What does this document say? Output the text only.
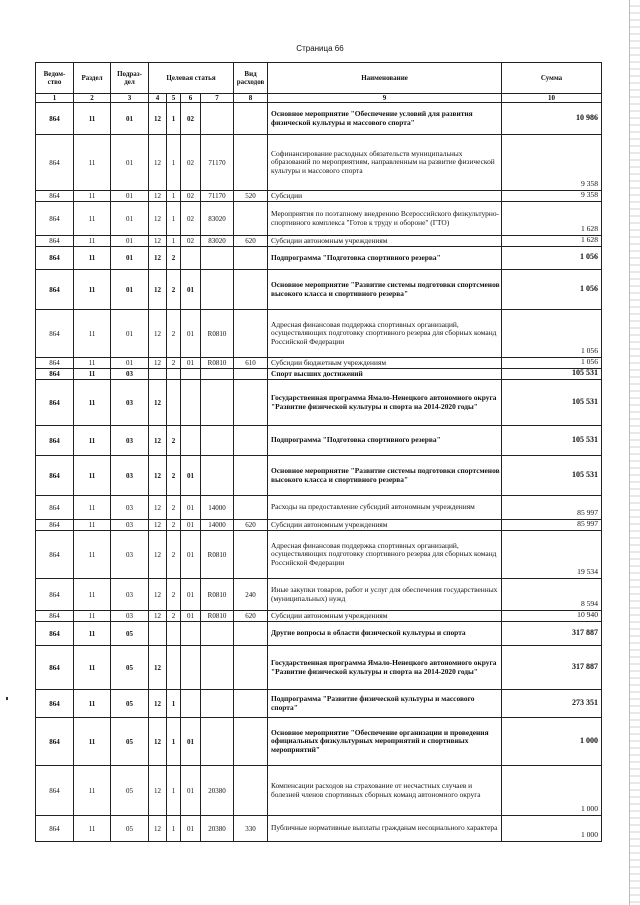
Страница 66
Ведом-ство	Раздел	Подраз-дел	Целевая статья				Вид расходов	Наименование	Сумма
1	2	3	4	5	6	7	8	9	10
864	11	01	12	1	02			Основное мероприятие "Обеспечение условий для развития физической культуры и массового спорта"	10 986
864	11	01	12	1	02	71170		Софинансирование расходных обязательств муниципальных образований по мероприятиям, направленным на развитие физической культуры и массового спорта	9 358
864	11	01	12	1	02	71170	520	Субсидии	9 358
864	11	01	12	1	02	83020		Мероприятия по поэтапному внедрению Всероссийского физкультурно-спортивного комплекса "Готов к труду и обороне" (ГТО)	1 628
864	11	01	12	1	02	83020	620	Субсидии автономным учреждениям	1 628
864	11	01	12	2				Подпрограмма "Подготовка спортивного резерва"	1 056
864	11	01	12	2	01			Основное мероприятие "Развитие системы подготовки спортсменов высокого класса и спортивного резерва"	1 056
864	11	01	12	2	01	R0810		Адресная финансовая поддержка спортивных организаций, осуществляющих подготовку спортивного резерва для сборных команд Российской Федерации	1 056
864	11	01	12	2	01	R0810	610	Субсидии бюджетным учреждениям	1 056
864	11	03						Спорт высших достижений	105 531
864	11	03	12					Государственная программа Ямало-Ненецкого автономного округа "Развитие физической культуры и спорта на 2014-2020 годы"	105 531
864	11	03	12	2				Подпрограмма "Подготовка спортивного резерва"	105 531
864	11	03	12	2	01			Основное мероприятие "Развитие системы подготовки спортсменов высокого класса и спортивного резерва"	105 531
864	11	03	12	2	01	14000		Расходы на предоставление субсидий автономным учреждениям	85 997
864	11	03	12	2	01	14000	620	Субсидии автономным учреждениям	85 997
864	11	03	12	2	01	R0810		Адресная финансовая поддержка спортивных организаций, осуществляющих подготовку спортивного резерва для сборных команд Российской Федерации	19 534
864	11	03	12	2	01	R0810	240	Иные закупки товаров, работ и услуг для обеспечения государственных (муниципальных) нужд	8 594
864	11	03	12	2	01	R0810	620	Субсидии автономным учреждениям	10 940
864	11	05						Другие вопросы в области физической культуры и спорта	317 887
864	11	05	12					Государственная программа Ямало-Ненецкого автономного округа "Развитие физической культуры и спорта на 2014-2020 годы"	317 887
864	11	05	12	1				Подпрограмма "Развитие физической культуры и массового спорта"	273 351
864	11	05	12	1	01			Основное мероприятие "Обеспечение организации и проведения официальных физкультурных мероприятий и спортивных мероприятий"	1 000
864	11	05	12	1	01	20380		Компенсации расходов на страхование от несчастных случаев и болезней членов спортивных сборных команд автономного округа	1 000
864	11	05	12	1	01	20380	330	Публичные нормативные выплаты гражданам несоциального характера	1 000
